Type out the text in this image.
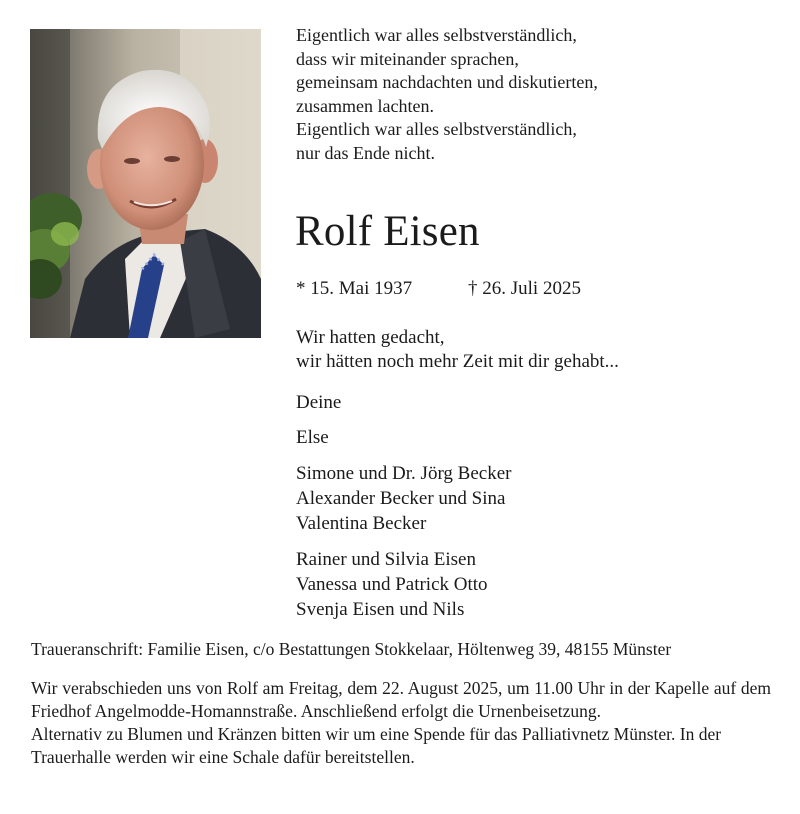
Eigentlich war alles selbstverständlich,
dass wir miteinander sprachen,
gemeinsam nachdachten und diskutierten,
zusammen lachten.
Eigentlich war alles selbstverständlich,
nur das Ende nicht.
Rolf Eisen
* 15. Mai 1937	† 26. Juli 2025
Wir hatten gedacht,
wir hätten noch mehr Zeit mit dir gehabt...
Deine
Else
Simone und Dr. Jörg Becker
Alexander Becker und Sina
Valentina Becker
Rainer und Silvia Eisen
Vanessa und Patrick Otto
Svenja Eisen und Nils
Traueranschrift: Familie Eisen, c/o Bestattungen Stokkelaar, Höltenweg 39, 48155 Münster

Wir verabschieden uns von Rolf am Freitag, dem 22. August 2025, um 11.00 Uhr in der Kapelle auf dem Friedhof Angelmodde-Homannstraße. Anschließend erfolgt die Urnenbeisetzung.

Alternativ zu Blumen und Kränzen bitten wir um eine Spende für das Palliativnetz Münster. In der Trauerhalle werden wir eine Schale dafür bereitstellen.
